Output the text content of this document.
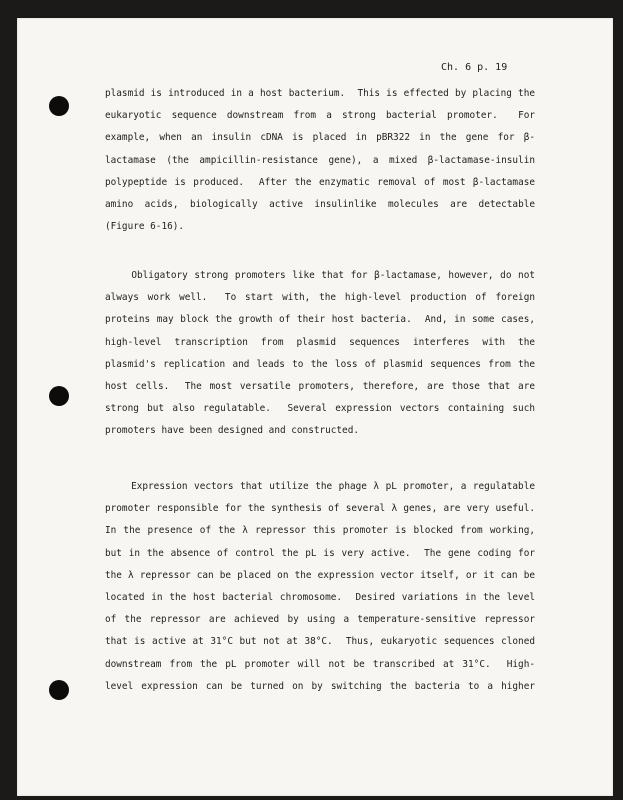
Ch. 6 p. 19
plasmid is introduced in a host bacterium.  This is effected by placing the
eukaryotic sequence downstream from a strong bacterial promoter.  For
example, when an insulin cDNA is placed in pBR322 in the gene for β-
lactamase (the ampicillin-resistance gene), a mixed β-lactamase-insulin
polypeptide is produced.  After the enzymatic removal of most β-lactamase
amino acids, biologically active insulinlike molecules are detectable
(Figure 6-16).
Obligatory strong promoters like that for β-lactamase, however, do not
always work well.  To start with, the high-level production of foreign
proteins may block the growth of their host bacteria.  And, in some cases,
high-level transcription from plasmid sequences interferes with the
plasmid's replication and leads to the loss of plasmid sequences from the
host cells.  The most versatile promoters, therefore, are those that are
strong but also regulatable.  Several expression vectors containing such
promoters have been designed and constructed.
Expression vectors that utilize the phage λ pL promoter, a regulatable
promoter responsible for the synthesis of several λ genes, are very useful.
In the presence of the λ repressor this promoter is blocked from working,
but in the absence of control the pL is very active.  The gene coding for
the λ repressor can be placed on the expression vector itself, or it can be
located in the host bacterial chromosome.  Desired variations in the level
of the repressor are achieved by using a temperature-sensitive repressor
that is active at 31°C but not at 38°C.  Thus, eukaryotic sequences cloned
downstream from the pL promoter will not be transcribed at 31°C.  High-
level expression can be turned on by switching the bacteria to a higher
